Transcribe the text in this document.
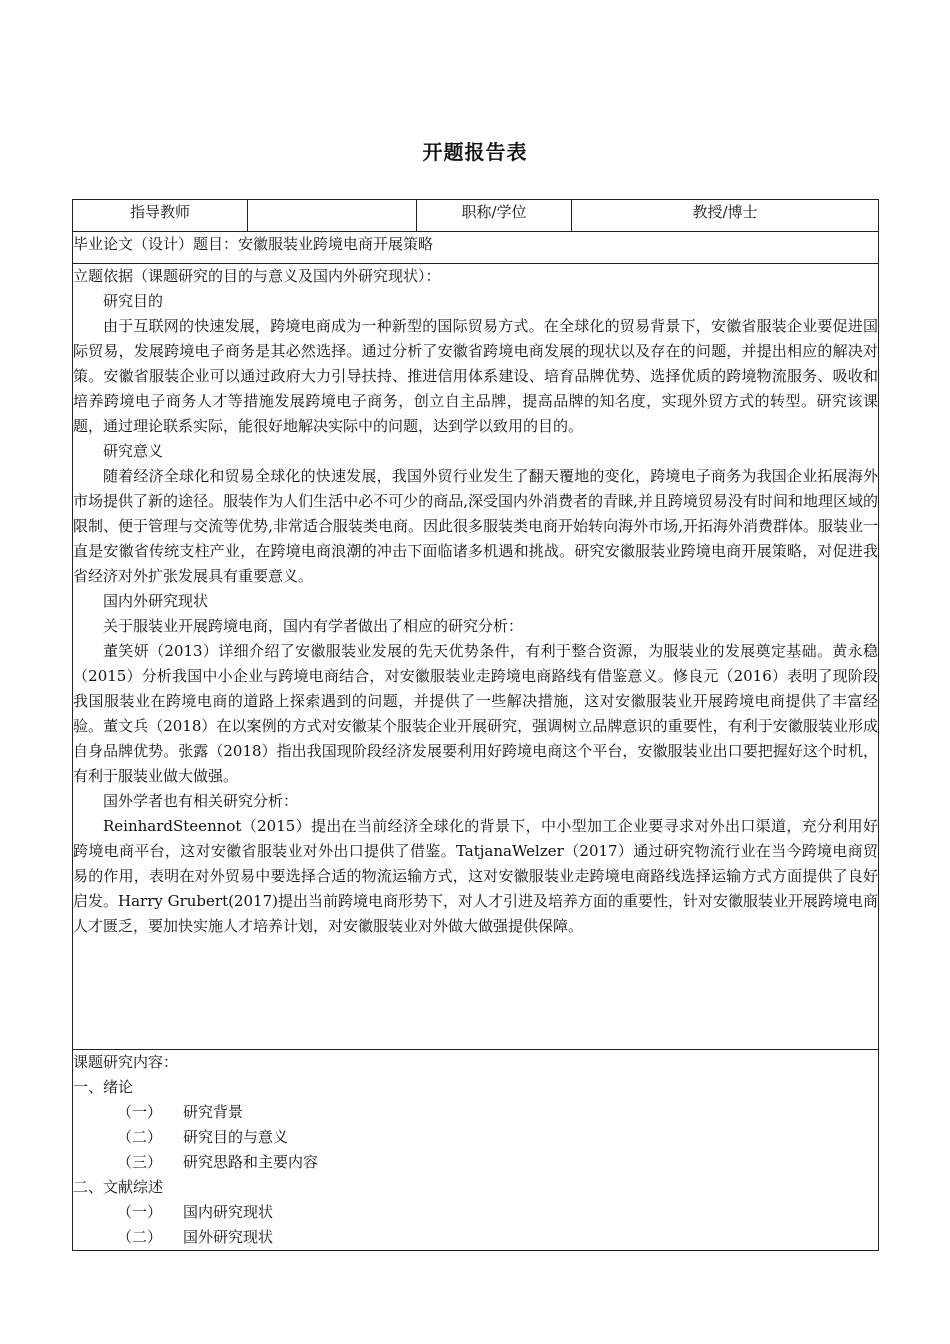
开题报告表
指导教师		职称/学位	教授/博士
毕业论文（设计）题目：安徽服装业跨境电商开展策略

立题依据（课题研究的目的与意义及国内外研究现状）：
研究目的

由于互联网的快速发展，跨境电商成为一种新型的国际贸易方式。在全球化的贸易背景下，安徽省服装企业要促进国际贸易，发展跨境电子商务是其必然选择。通过分析了安徽省跨境电商发展的现状以及存在的问题，并提出相应的解决对策。安徽省服装企业可以通过政府大力引导扶持、推进信用体系建设、培育品牌优势、选择优质的跨境物流服务、吸收和培养跨境电子商务人才等措施发展跨境电子商务，创立自主品牌，提高品牌的知名度，实现外贸方式的转型。研究该课题，通过理论联系实际，能很好地解决实际中的问题，达到学以致用的目的。

研究意义

随着经济全球化和贸易全球化的快速发展，我国外贸行业发生了翻天覆地的变化，跨境电子商务为我国企业拓展海外市场提供了新的途径。服装作为人们生活中必不可少的商品,深受国内外消费者的青睐,并且跨境贸易没有时间和地理区域的限制、便于管理与交流等优势,非常适合服装类电商。因此很多服装类电商开始转向海外市场,开拓海外消费群体。服装业一直是安徽省传统支柱产业，在跨境电商浪潮的冲击下面临诸多机遇和挑战。研究安徽服装业跨境电商开展策略，对促进我省经济对外扩张发展具有重要意义。

国内外研究现状
关于服装业开展跨境电商，国内有学者做出了相应的研究分析：

董笑妍（2013）详细介绍了安徽服装业发展的先天优势条件，有利于整合资源，为服装业的发展奠定基础。黄永稳（2015）分析我国中小企业与跨境电商结合，对安徽服装业走跨境电商路线有借鉴意义。修良元（2016）表明了现阶段我国服装业在跨境电商的道路上探索遇到的问题，并提供了一些解决措施，这对安徽服装业开展跨境电商提供了丰富经验。董文兵（2018）在以案例的方式对安徽某个服装企业开展研究，强调树立品牌意识的重要性，有利于安徽服装业形成自身品牌优势。张露（2018）指出我国现阶段经济发展要利用好跨境电商这个平台，安徽服装业出口要把握好这个时机，有利于服装业做大做强。

国外学者也有相关研究分析：

ReinhardSteennot（2015）提出在当前经济全球化的背景下，中小型加工企业要寻求对外出口渠道，充分利用好跨境电商平台，这对安徽省服装业对外出口提供了借鉴。TatjanaWelzer（2017）通过研究物流行业在当今跨境电商贸易的作用，表明在对外贸易中要选择合适的物流运输方式，这对安徽服装业走跨境电商路线选择运输方式方面提供了良好启发。Harry Grubert(2017)提出当前跨境电商形势下，对人才引进及培养方面的重要性，针对安徽服装业开展跨境电商人才匮乏，要加快实施人才培养计划，对安徽服装业对外做大做强提供保障。

课题研究内容：
一、绪论
（一） 研究背景
（二） 研究目的与意义
（三） 研究思路和主要内容
二、文献综述
（一） 国内研究现状
（二） 国外研究现状
